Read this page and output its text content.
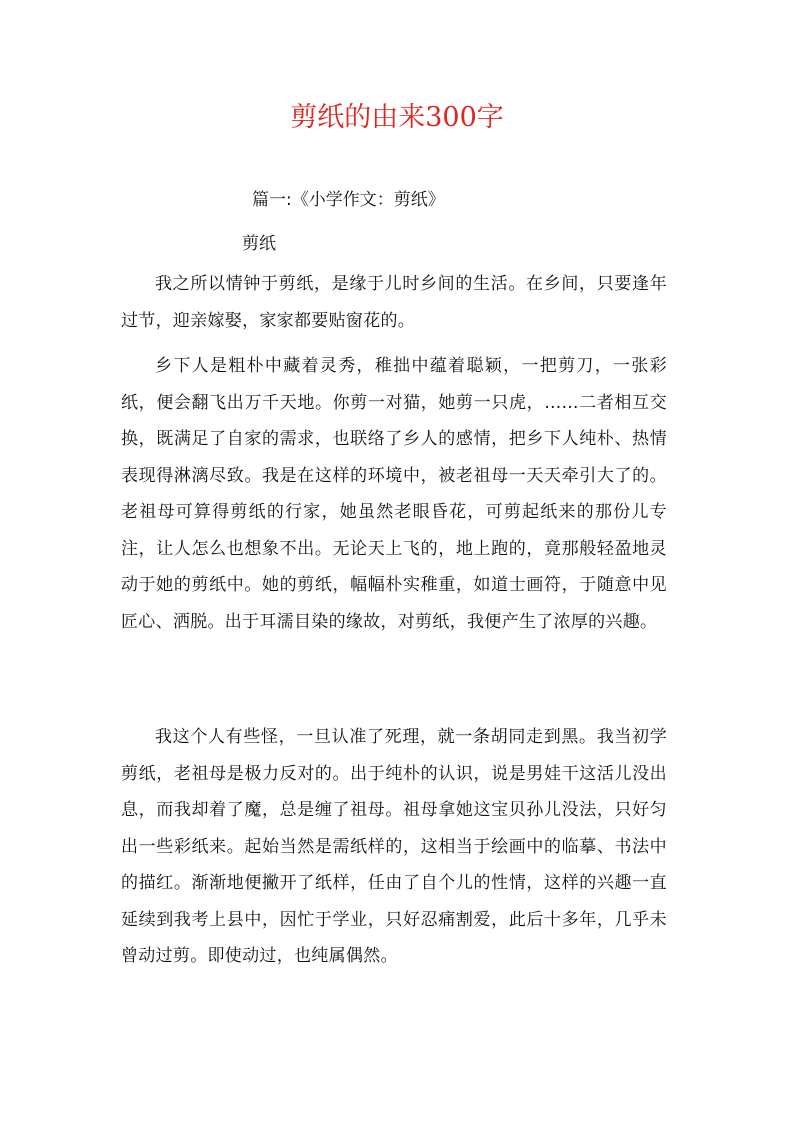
剪纸的由来300字
篇一:《小学作文：剪纸》
剪纸

我之所以情钟于剪纸，是缘于儿时乡间的生活。在乡间，只要逢年过节，迎亲嫁娶，家家都要贴窗花的。

乡下人是粗朴中藏着灵秀，稚拙中蕴着聪颖，一把剪刀，一张彩纸，便会翻飞出万千天地。你剪一对猫，她剪一只虎，……二者相互交换，既满足了自家的需求，也联络了乡人的感情，把乡下人纯朴、热情表现得淋漓尽致。我是在这样的环境中，被老祖母一天天牵引大了的。老祖母可算得剪纸的行家，她虽然老眼昏花，可剪起纸来的那份儿专注，让人怎么也想象不出。无论天上飞的，地上跑的，竟那般轻盈地灵动于她的剪纸中。她的剪纸，幅幅朴实稚重，如道士画符，于随意中见匠心、洒脱。出于耳濡目染的缘故，对剪纸，我便产生了浓厚的兴趣。

我这个人有些怪，一旦认准了死理，就一条胡同走到黑。我当初学剪纸，老祖母是极力反对的。出于纯朴的认识，说是男娃干这活儿没出息，而我却着了魔，总是缠了祖母。祖母拿她这宝贝孙儿没法，只好匀出一些彩纸来。起始当然是需纸样的，这相当于绘画中的临摹、书法中的描红。渐渐地便撇开了纸样，任由了自个儿的性情，这样的兴趣一直延续到我考上县中，因忙于学业，只好忍痛割爱，此后十多年，几乎未曾动过剪。即使动过，也纯属偶然。
